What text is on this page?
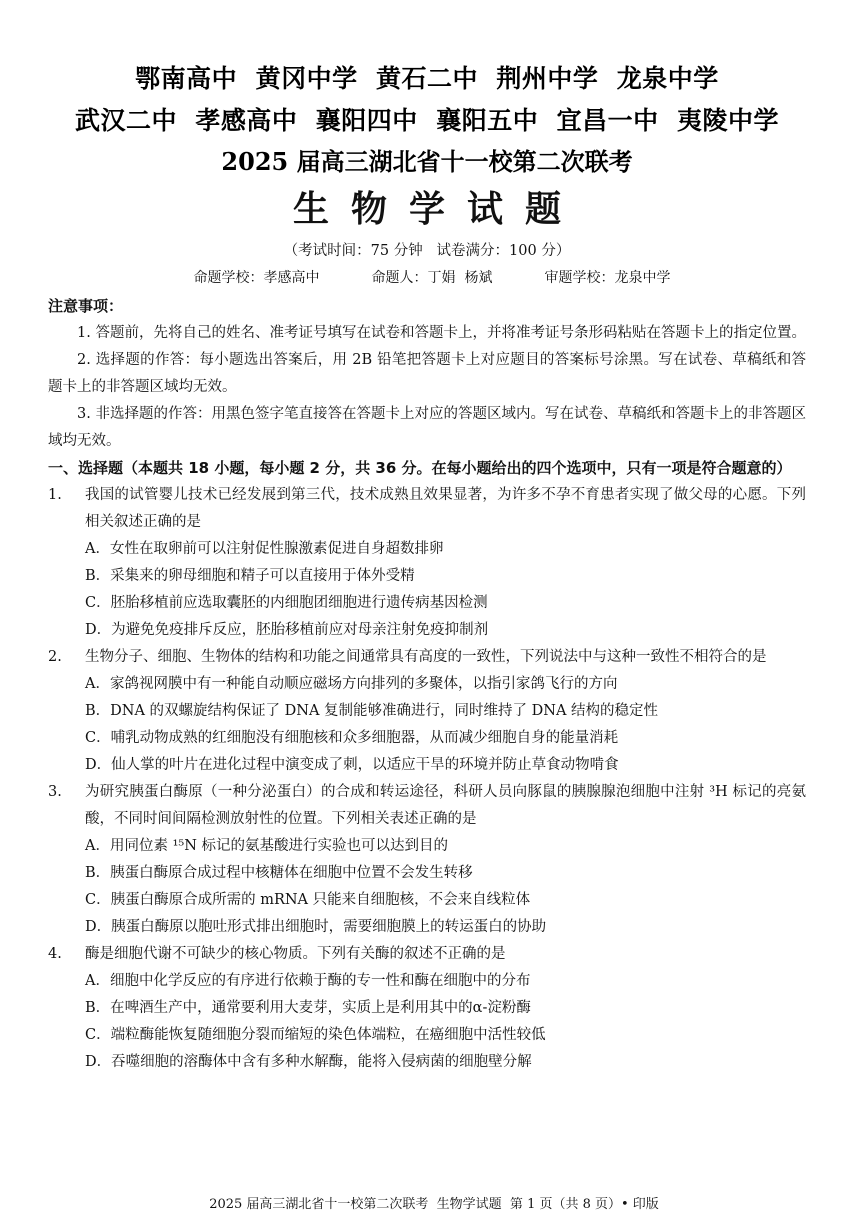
鄂南高中  黄冈中学  黄石二中  荆州中学  龙泉中学
武汉二中  孝感高中  襄阳四中  襄阳五中  宜昌一中  夷陵中学
2025 届高三湖北省十一校第二次联考
生物学试题
（考试时间：75 分钟   试卷满分：100 分）
命题学校：孝感高中	命题人：丁娟  杨斌	审题学校：龙泉中学
注意事项：
1. 答题前，先将自己的姓名、准考证号填写在试卷和答题卡上，并将准考证号条形码粘贴在答题卡上的指定位置。
2. 选择题的作答：每小题选出答案后，用 2B 铅笔把答题卡上对应题目的答案标号涂黑。写在试卷、草稿纸和答题卡上的非答题区域均无效。
3. 非选择题的作答：用黑色签字笔直接答在答题卡上对应的答题区域内。写在试卷、草稿纸和答题卡上的非答题区域均无效。
一、选择题（本题共 18 小题，每小题 2 分，共 36 分。在每小题给出的四个选项中，只有一项是符合题意的）
1.	我国的试管婴儿技术已经发展到第三代，技术成熟且效果显著，为许多不孕不育患者实现了做父母的心愿。下列相关叙述正确的是
A．女性在取卵前可以注射促性腺激素促进自身超数排卵
B．采集来的卵母细胞和精子可以直接用于体外受精
C．胚胎移植前应选取囊胚的内细胞团细胞进行遗传病基因检测
D．为避免免疫排斥反应，胚胎移植前应对母亲注射免疫抑制剂
2.	生物分子、细胞、生物体的结构和功能之间通常具有高度的一致性，下列说法中与这种一致性不相符合的是
A．家鸽视网膜中有一种能自动顺应磁场方向排列的多聚体，以指引家鸽飞行的方向
B．DNA 的双螺旋结构保证了 DNA 复制能够准确进行，同时维持了 DNA 结构的稳定性
C．哺乳动物成熟的红细胞没有细胞核和众多细胞器，从而减少细胞自身的能量消耗
D．仙人掌的叶片在进化过程中演变成了刺，以适应干旱的环境并防止草食动物啃食
3.	为研究胰蛋白酶原（一种分泌蛋白）的合成和转运途径，科研人员向豚鼠的胰腺腺泡细胞中注射 ³H 标记的亮氨酸，不同时间间隔检测放射性的位置。下列相关表述正确的是
A．用同位素 ¹⁵N 标记的氨基酸进行实验也可以达到目的
B．胰蛋白酶原合成过程中核糖体在细胞中位置不会发生转移
C．胰蛋白酶原合成所需的 mRNA 只能来自细胞核，不会来自线粒体
D．胰蛋白酶原以胞吐形式排出细胞时，需要细胞膜上的转运蛋白的协助
4.	酶是细胞代谢不可缺少的核心物质。下列有关酶的叙述不正确的是
A．细胞中化学反应的有序进行依赖于酶的专一性和酶在细胞中的分布
B．在啤酒生产中，通常要利用大麦芽，实质上是利用其中的α-淀粉酶
C．端粒酶能恢复随细胞分裂而缩短的染色体端粒，在癌细胞中活性较低
D．吞噬细胞的溶酶体中含有多种水解酶，能将入侵病菌的细胞壁分解
2025 届高三湖北省十一校第二次联考  生物学试题  第 1 页（共 8 页）• 印版
